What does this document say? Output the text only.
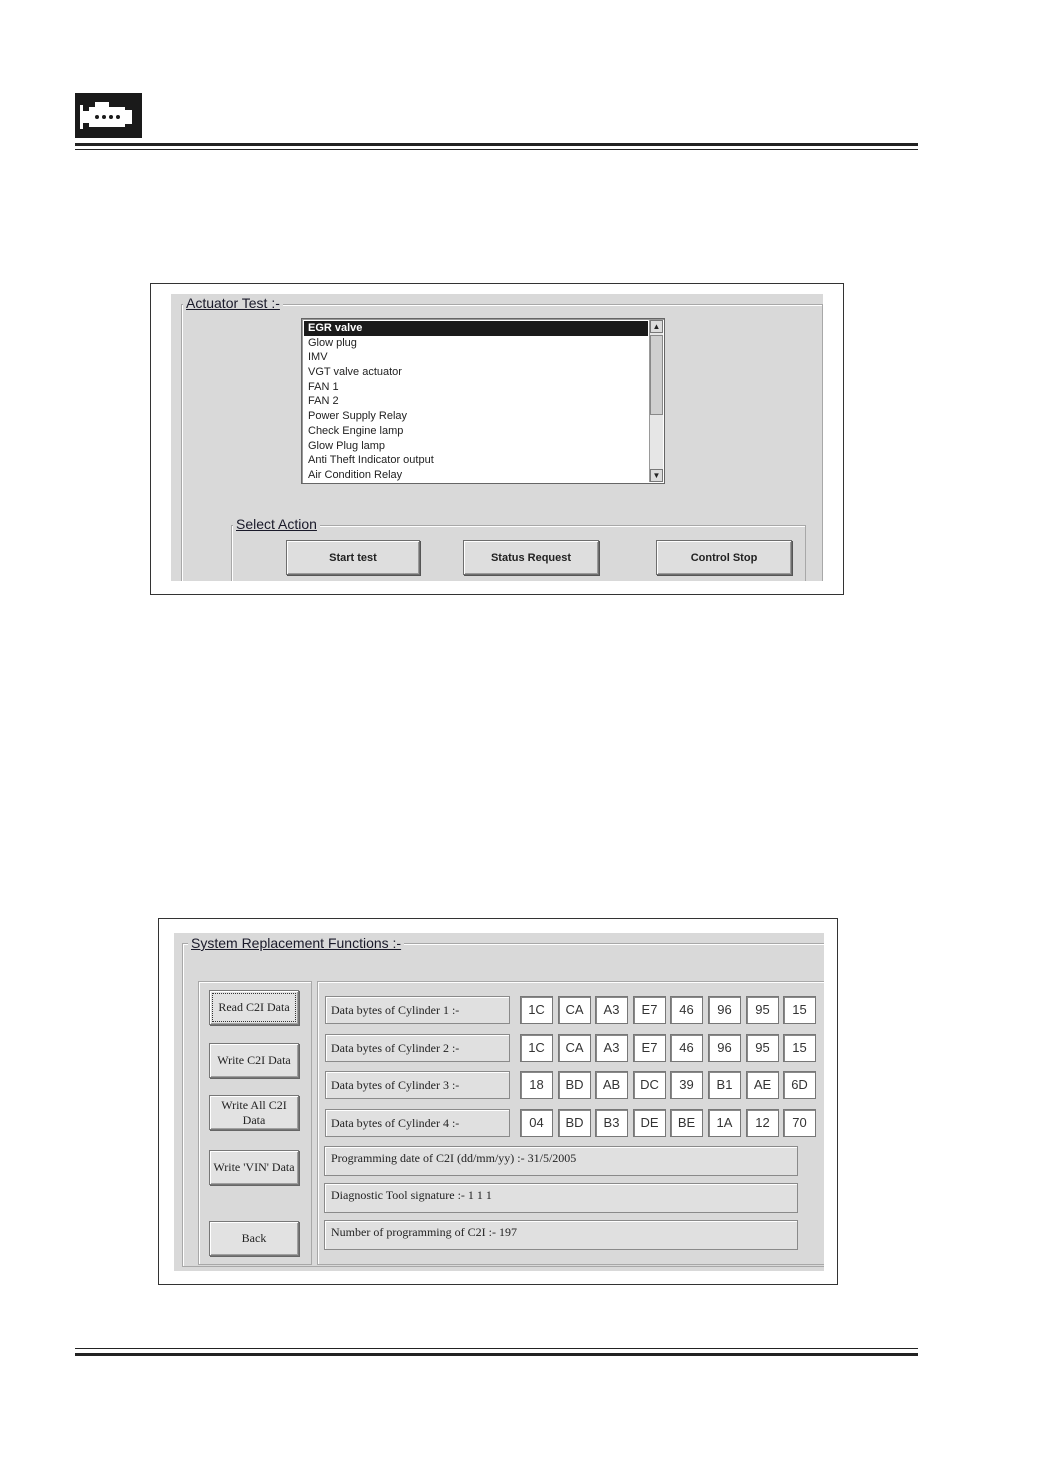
Actuator Test :-
EGR valve
Glow plug
IMV
VGT valve actuator
FAN 1
FAN 2
Power Supply Relay
Check Engine lamp
Glow Plug lamp
Anti Theft Indicator output
Air Condition Relay
▲
▼
Select Action
Start test	Status Request	Control Stop
System Replacement Functions :-
Read C2I Data
Write C2I Data
Write All C2I Data
Write 'VIN' Data
Back
Data bytes of Cylinder 1 :-	1C	CA	A3	E7	46	96	95	15
Data bytes of Cylinder 2 :-	1C	CA	A3	E7	46	96	95	15
Data bytes of Cylinder 3 :-	18	BD	AB	DC	39	B1	AE	6D
Data bytes of Cylinder 4 :-	04	BD	B3	DE	BE	1A	12	70
Programming date of C2I (dd/mm/yy) :- 31/5/2005
Diagnostic Tool signature :- 1 1 1
Number of programming of C2I :- 197
